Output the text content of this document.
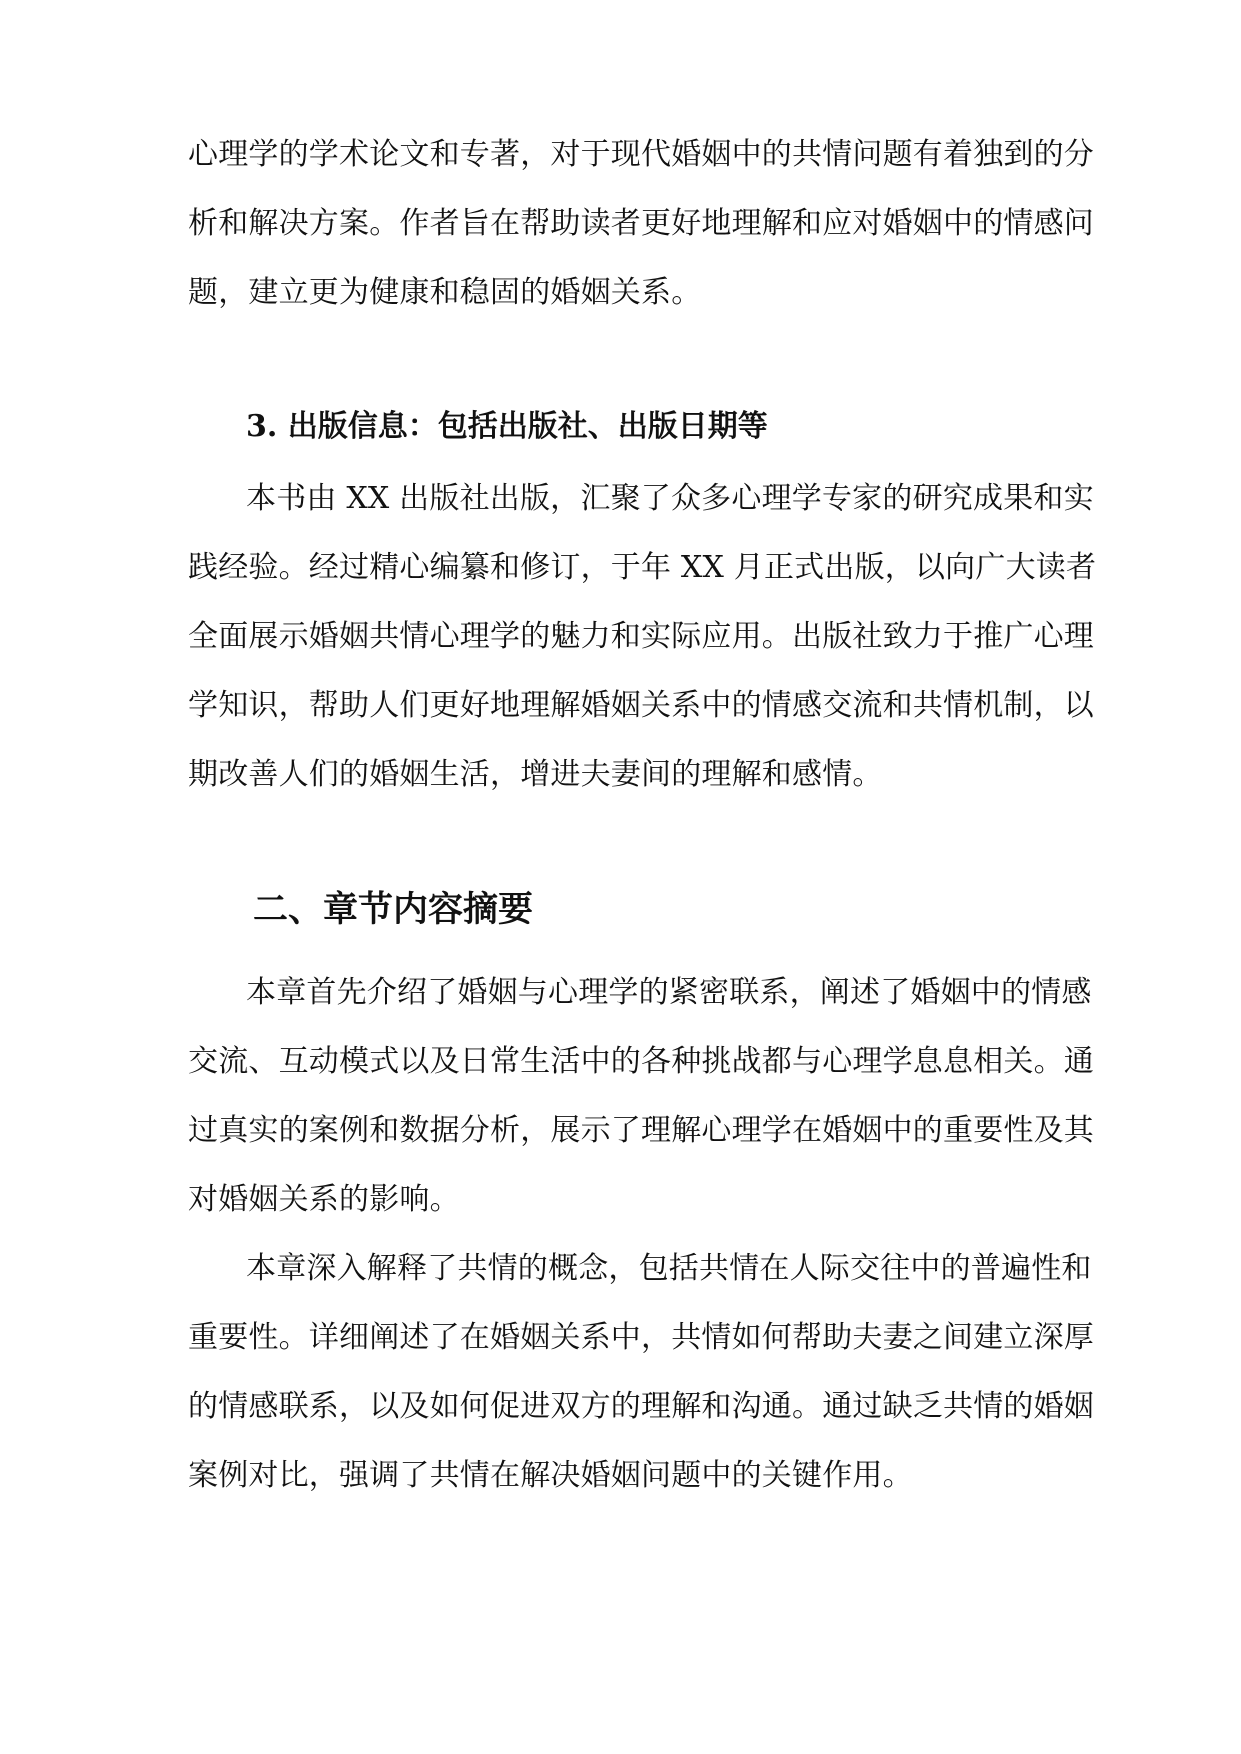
心理学的学术论文和专著，对于现代婚姻中的共情问题有着独到的分
析和解决方案。作者旨在帮助读者更好地理解和应对婚姻中的情感问
题，建立更为健康和稳固的婚姻关系。
3. 出版信息：包括出版社、出版日期等
本书由 XX 出版社出版，汇聚了众多心理学专家的研究成果和实
践经验。经过精心编纂和修订，于年 XX 月正式出版，以向广大读者
全面展示婚姻共情心理学的魅力和实际应用。出版社致力于推广心理
学知识，帮助人们更好地理解婚姻关系中的情感交流和共情机制，以
期改善人们的婚姻生活，增进夫妻间的理解和感情。
二、章节内容摘要
本章首先介绍了婚姻与心理学的紧密联系，阐述了婚姻中的情感
交流、互动模式以及日常生活中的各种挑战都与心理学息息相关。通
过真实的案例和数据分析，展示了理解心理学在婚姻中的重要性及其
对婚姻关系的影响。
本章深入解释了共情的概念，包括共情在人际交往中的普遍性和
重要性。详细阐述了在婚姻关系中，共情如何帮助夫妻之间建立深厚
的情感联系，以及如何促进双方的理解和沟通。通过缺乏共情的婚姻
案例对比，强调了共情在解决婚姻问题中的关键作用。
